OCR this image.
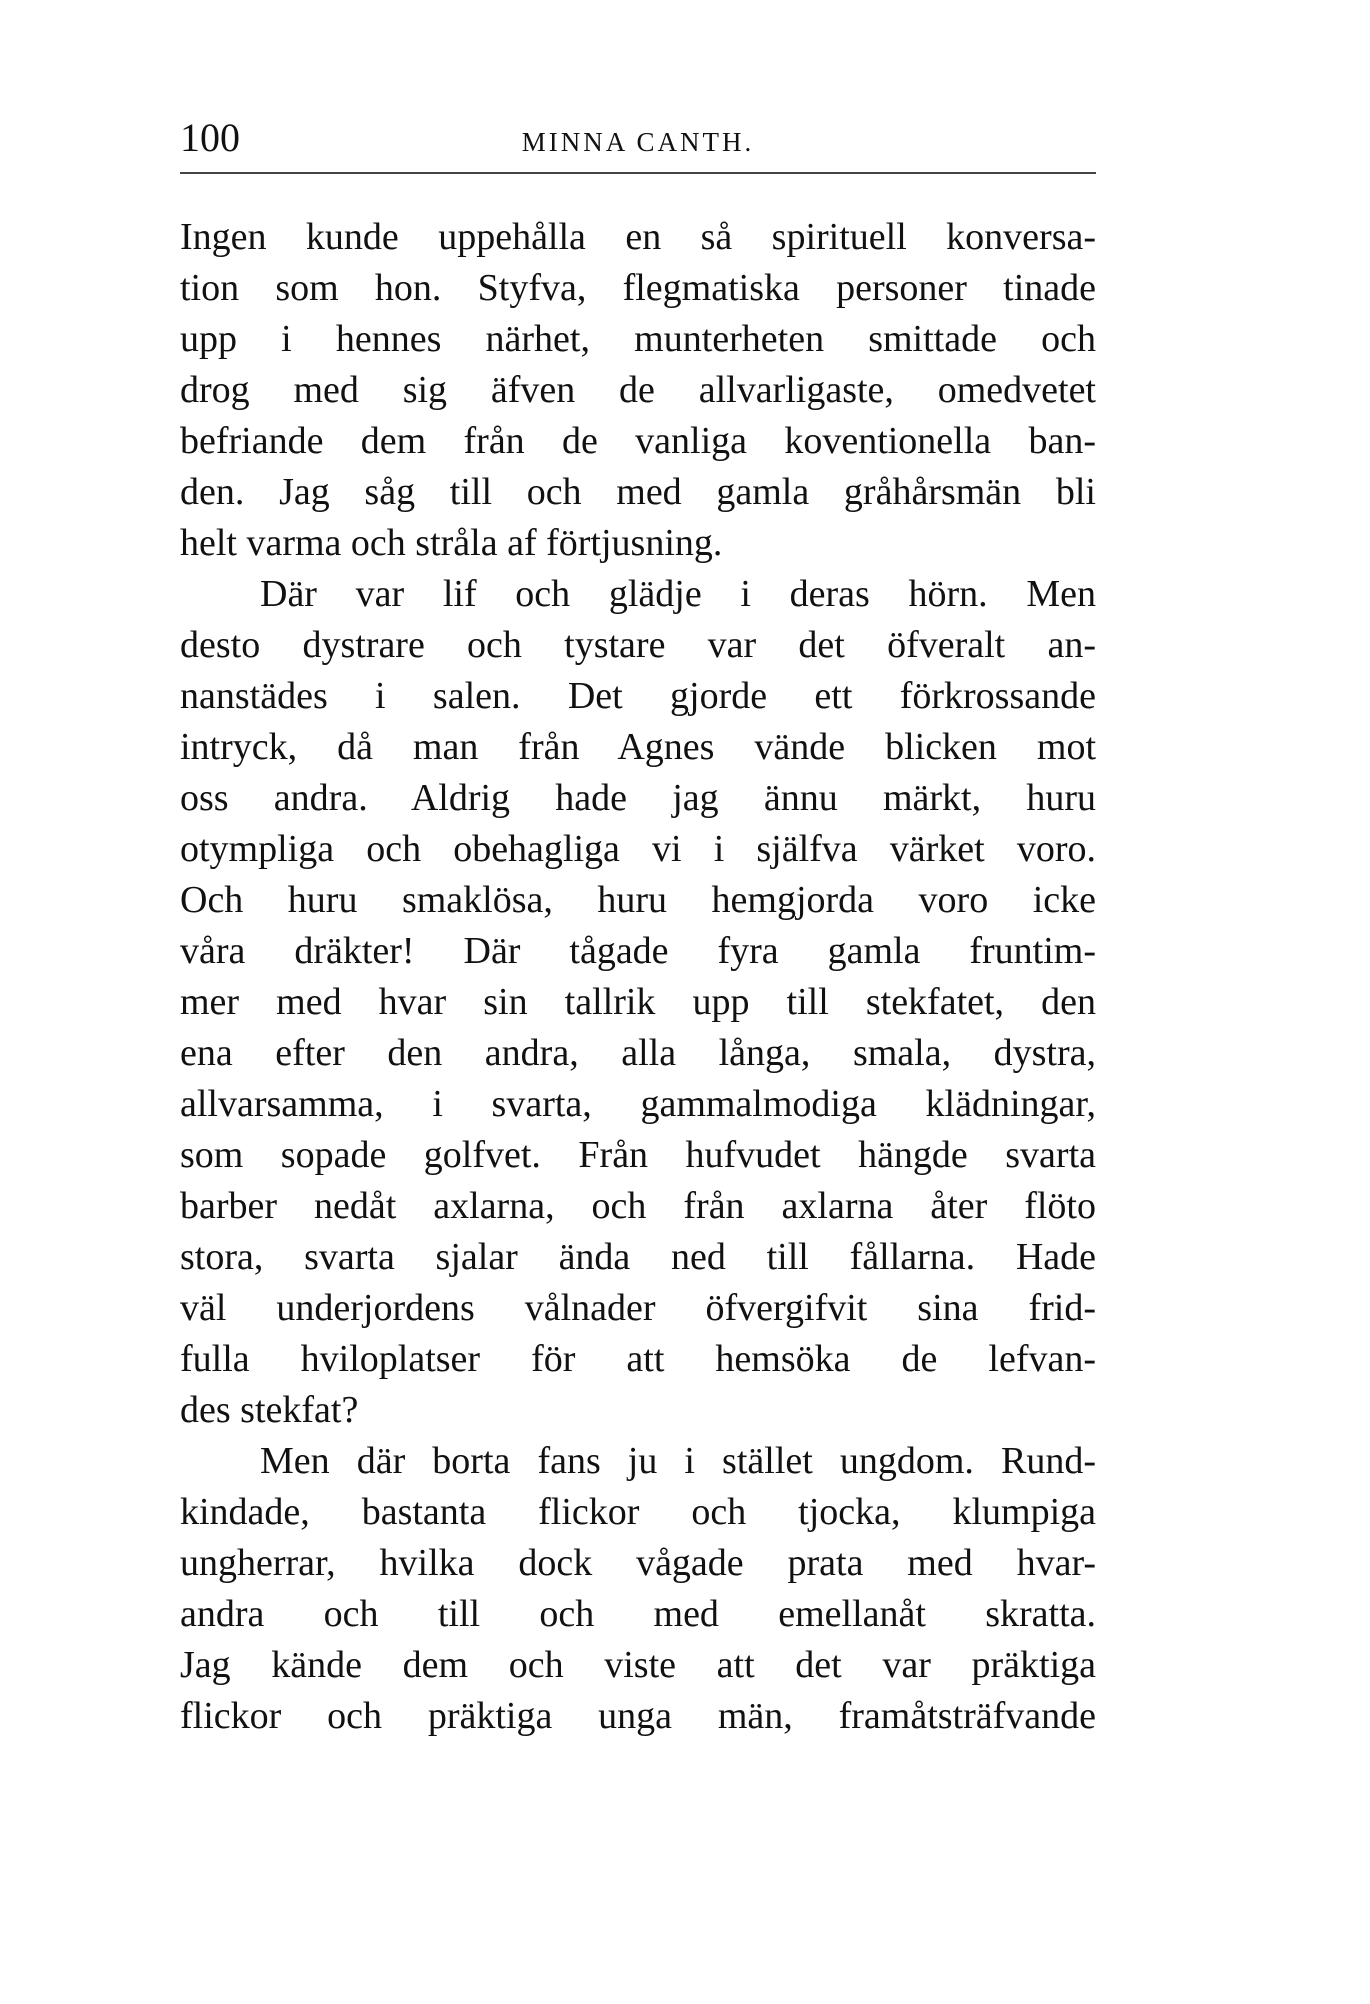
100	MINNA CANTH.
Ingen kunde uppehålla en så spirituell konversa-
tion som hon. Styfva, flegmatiska personer tinade
upp i hennes närhet, munterheten smittade och
drog med sig äfven de allvarligaste, omedvetet
befriande dem från de vanliga koventionella ban-
den. Jag såg till och med gamla gråhårsmän bli
helt varma och stråla af förtjusning.
Där var lif och glädje i deras hörn. Men
desto dystrare och tystare var det öfveralt an-
nanstädes i salen. Det gjorde ett förkrossande
intryck, då man från Agnes vände blicken mot
oss andra. Aldrig hade jag ännu märkt, huru
otympliga och obehagliga vi i själfva värket voro.
Och huru smaklösa, huru hemgjorda voro icke
våra dräkter! Där tågade fyra gamla fruntim-
mer med hvar sin tallrik upp till stekfatet, den
ena efter den andra, alla långa, smala, dystra,
allvarsamma, i svarta, gammalmodiga klädningar,
som sopade golfvet. Från hufvudet hängde svarta
barber nedåt axlarna, och från axlarna åter flöto
stora, svarta sjalar ända ned till fållarna. Hade
väl underjordens vålnader öfvergifvit sina frid-
fulla hviloplatser för att hemsöka de lefvan-
des stekfat?
Men där borta fans ju i stället ungdom. Rund-
kindade, bastanta flickor och tjocka, klumpiga
ungherrar, hvilka dock vågade prata med hvar-
andra och till och med emellanåt skratta.
Jag kände dem och viste att det var präktiga
flickor och präktiga unga män, framåtsträfvande
